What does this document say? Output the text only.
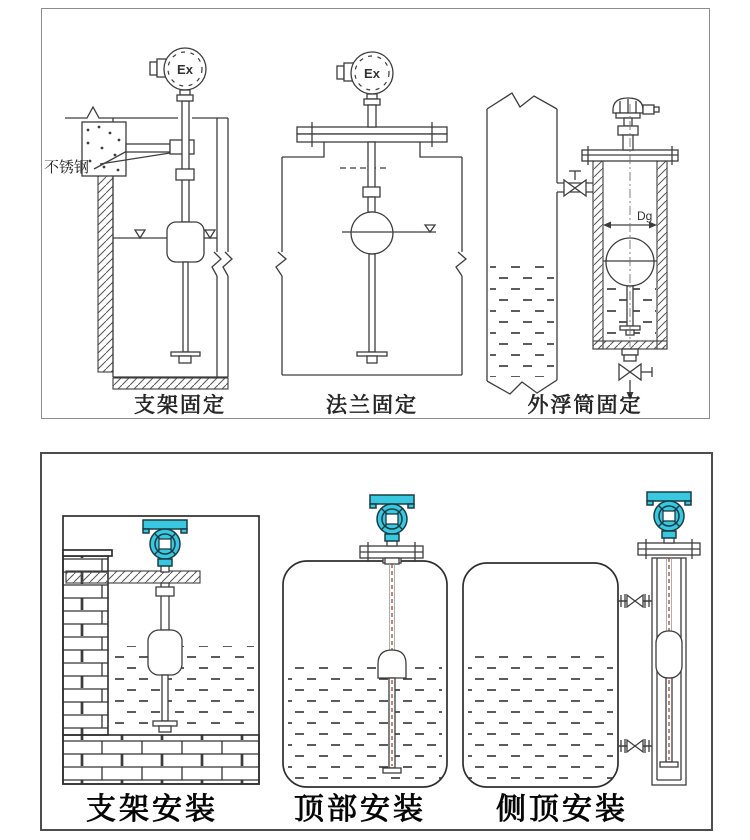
Ex
不锈钢
支架固定
Ex
法兰固定
Dg
外浮筒固定
支架安装	顶部安装 侧顶安装
